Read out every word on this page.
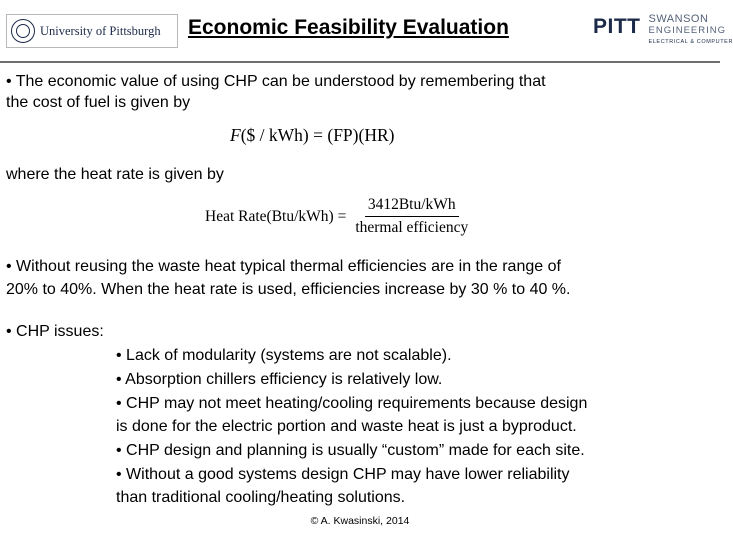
University of Pittsburgh Economic Feasibility Evaluation	PITT SWANSON
ENGINEERING
ELECTRICAL & COMPUTER
• The economic value of using CHP can be understood by remembering that
the cost of fuel is given by
F($ / kWh) = (FP)(HR)
where the heat rate is given by
Heat Rate(Btu/kWh) = $\frac{\text{3412Btu/kWh}}{\text{thermal efficiency}}$
• Without reusing the waste heat typical thermal efficiencies are in the range of
20% to 40%. When the heat rate is used, efficiencies increase by 30 % to 40 %.
• CHP issues:
• Lack of modularity (systems are not scalable).
• Absorption chillers efficiency is relatively low.
• CHP may not meet heating/cooling requirements because design
is done for the electric portion and waste heat is just a byproduct.
• CHP design and planning is usually “custom” made for each site.
• Without a good systems design CHP may have lower reliability
than traditional cooling/heating solutions.
© A. Kwasinski, 2014
